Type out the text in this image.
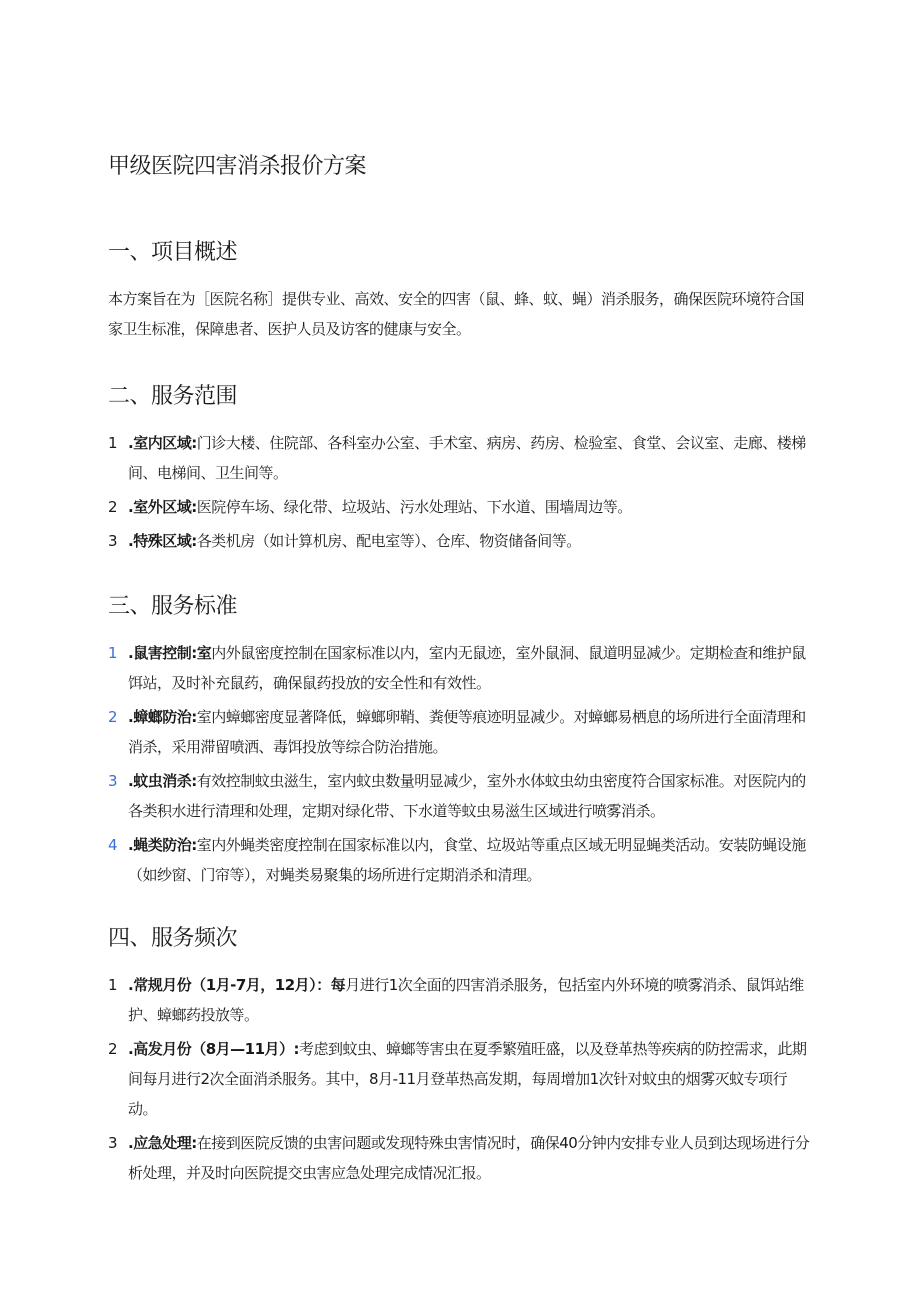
甲级医院四害消杀报价方案
一、项目概述

本方案旨在为［医院名称］提供专业、高效、安全的四害（鼠、蜂、蚊、蝇）消杀服务，确保医院环境符合国家卫生标准，保障患者、医护人员及访客的健康与安全。

二、服务范围
1 .室内区域:门诊大楼、住院部、各科室办公室、手术室、病房、药房、检验室、食堂、会议室、走廊、楼梯间、电梯间、卫生间等。
2 .室外区域:医院停车场、绿化带、垃圾站、污水处理站、下水道、围墙周边等。
3 .特殊区域:各类机房（如计算机房、配电室等）、仓库、物资储备间等。
三、服务标准
1 .鼠害控制:室内外鼠密度控制在国家标准以内，室内无鼠迹，室外鼠洞、鼠道明显减少。定期检查和维护鼠饵站，及时补充鼠药，确保鼠药投放的安全性和有效性。
2 .蟑螂防治:室内蟑螂密度显著降低，蟑螂卵鞘、粪便等痕迹明显减少。对蟑螂易栖息的场所进行全面清理和消杀，采用滞留喷洒、毒饵投放等综合防治措施。
3 .蚊虫消杀:有效控制蚊虫滋生，室内蚊虫数量明显减少，室外水体蚊虫幼虫密度符合国家标准。对医院内的各类积水进行清理和处理，定期对绿化带、下水道等蚊虫易滋生区域进行喷雾消杀。
4 .蝇类防治:室内外蝇类密度控制在国家标准以内，食堂、垃圾站等重点区域无明显蝇类活动。安装防蝇设施（如纱窗、门帘等），对蝇类易聚集的场所进行定期消杀和清理。
四、服务频次
1 .常规月份（1月-7月，12月）：每月进行1次全面的四害消杀服务，包括室内外环境的喷雾消杀、鼠饵站维护、蟑螂药投放等。
2 .高发月份（8月—11月）:考虑到蚊虫、蟑螂等害虫在夏季繁殖旺盛，以及登革热等疾病的防控需求，此期间每月进行2次全面消杀服务。其中，8月-11月登革热高发期，每周增加1次针对蚊虫的烟雾灭蚊专项行动。
3 .应急处理:在接到医院反馈的虫害问题或发现特殊虫害情况时，确保40分钟内安排专业人员到达现场进行分析处理，并及时向医院提交虫害应急处理完成情况汇报。
